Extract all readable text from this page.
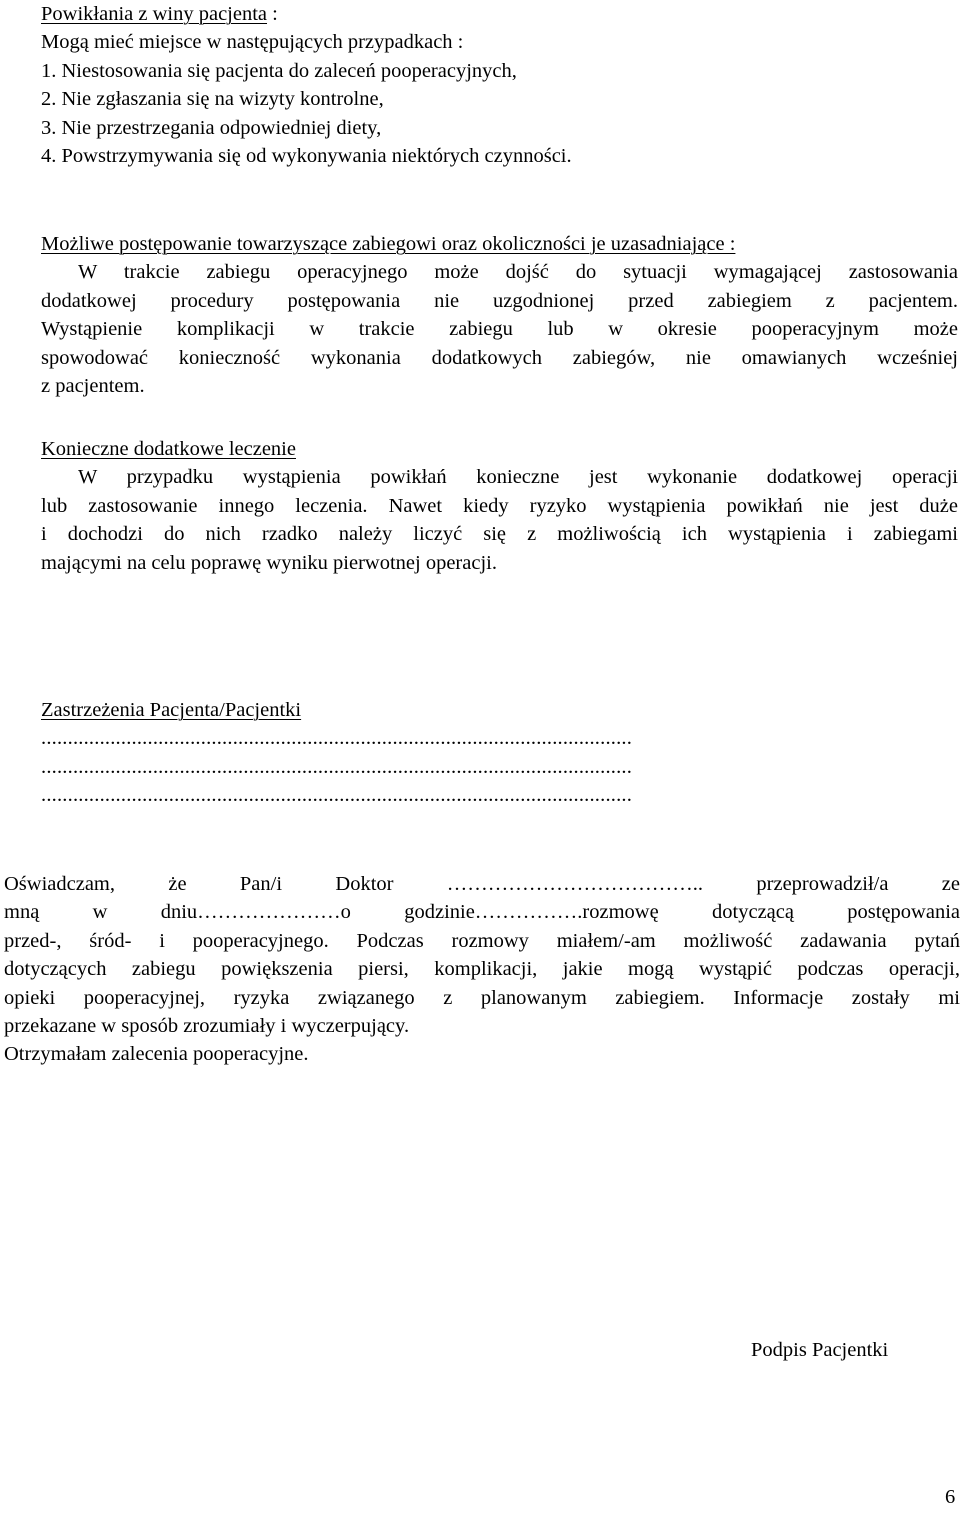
Powikłania z winy pacjenta :
Mogą mieć miejsce w następujących przypadkach :
1. Niestosowania się pacjenta do zaleceń pooperacyjnych,
2. Nie zgłaszania się na wizyty kontrolne,
3. Nie przestrzegania odpowiedniej diety,
4. Powstrzymywania się od wykonywania niektórych czynności.
Możliwe postępowanie towarzyszące zabiegowi oraz okoliczności je uzasadniające :
W trakcie zabiegu operacyjnego może dojść do sytuacji wymagającej zastosowania
dodatkowej procedury postępowania nie uzgodnionej przed zabiegiem z pacjentem.
Wystąpienie komplikacji w trakcie zabiegu lub w okresie pooperacyjnym może
spowodować konieczność wykonania dodatkowych zabiegów, nie omawianych wcześniej
z pacjentem.
Konieczne dodatkowe leczenie
W przypadku wystąpienia powikłań konieczne jest wykonanie dodatkowej operacji
lub zastosowanie innego leczenia. Nawet kiedy ryzyko wystąpienia powikłań nie jest duże
i dochodzi do nich rzadko należy liczyć się z możliwością ich wystąpienia i zabiegami
mającymi na celu poprawę wyniku pierwotnej operacji.
Zastrzeżenia Pacjenta/Pacjentki
...............................................................................................................
...............................................................................................................
...............................................................................................................
Oświadczam, że Pan/i Doktor ……………………………….. przeprowadził/a ze
mną w dniu…………………o godzinie…………….rozmowę dotyczącą postępowania
przed-, śród- i pooperacyjnego. Podczas rozmowy miałem/-am możliwość zadawania pytań
dotyczących zabiegu powiększenia piersi, komplikacji, jakie mogą wystąpić podczas operacji,
opieki pooperacyjnej, ryzyka związanego z planowanym zabiegiem. Informacje zostały mi
przekazane w sposób zrozumiały i wyczerpujący.
Otrzymałam zalecenia pooperacyjne.
Podpis Pacjentki
6
